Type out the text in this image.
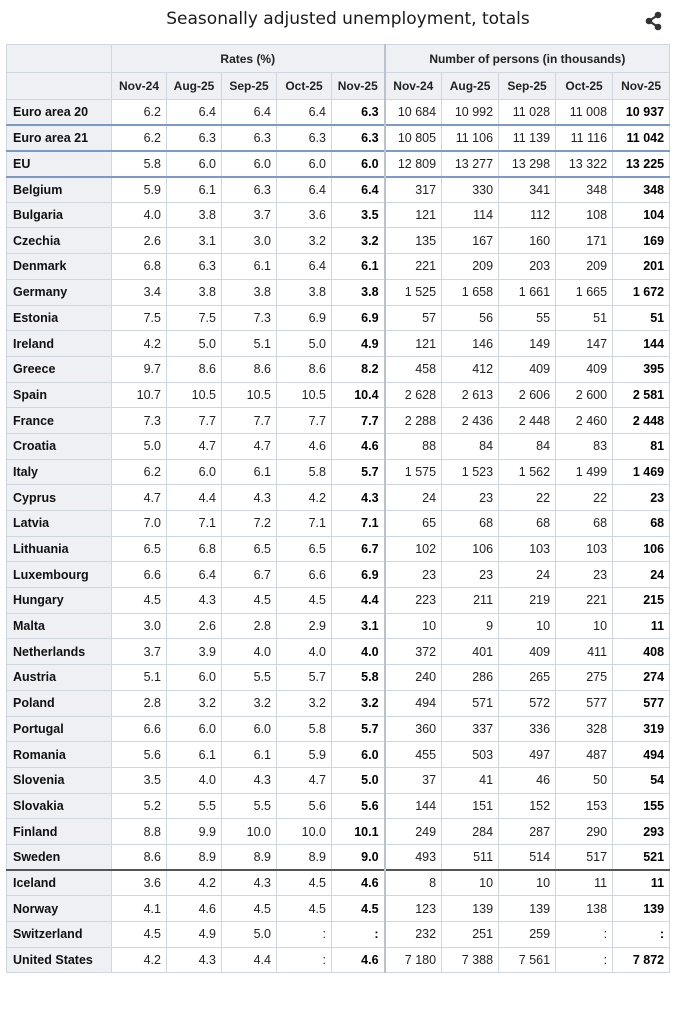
Seasonally adjusted unemployment, totals
	Rates (%)					Number of persons (in thousands)				
	Nov-24	Aug-25	Sep-25	Oct-25	Nov-25	Nov-24	Aug-25	Sep-25	Oct-25	Nov-25
Euro area 20	6.2	6.4	6.4	6.4	6.3	10 684	10 992	11 028	11 008	10 937
Euro area 21	6.2	6.3	6.3	6.3	6.3	10 805	11 106	11 139	11 116	11 042
EU	5.8	6.0	6.0	6.0	6.0	12 809	13 277	13 298	13 322	13 225
Belgium	5.9	6.1	6.3	6.4	6.4	317	330	341	348	348
Bulgaria	4.0	3.8	3.7	3.6	3.5	121	114	112	108	104
Czechia	2.6	3.1	3.0	3.2	3.2	135	167	160	171	169
Denmark	6.8	6.3	6.1	6.4	6.1	221	209	203	209	201
Germany	3.4	3.8	3.8	3.8	3.8	1 525	1 658	1 661	1 665	1 672
Estonia	7.5	7.5	7.3	6.9	6.9	57	56	55	51	51
Ireland	4.2	5.0	5.1	5.0	4.9	121	146	149	147	144
Greece	9.7	8.6	8.6	8.6	8.2	458	412	409	409	395
Spain	10.7	10.5	10.5	10.5	10.4	2 628	2 613	2 606	2 600	2 581
France	7.3	7.7	7.7	7.7	7.7	2 288	2 436	2 448	2 460	2 448
Croatia	5.0	4.7	4.7	4.6	4.6	88	84	84	83	81
Italy	6.2	6.0	6.1	5.8	5.7	1 575	1 523	1 562	1 499	1 469
Cyprus	4.7	4.4	4.3	4.2	4.3	24	23	22	22	23
Latvia	7.0	7.1	7.2	7.1	7.1	65	68	68	68	68
Lithuania	6.5	6.8	6.5	6.5	6.7	102	106	103	103	106
Luxembourg	6.6	6.4	6.7	6.6	6.9	23	23	24	23	24
Hungary	4.5	4.3	4.5	4.5	4.4	223	211	219	221	215
Malta	3.0	2.6	2.8	2.9	3.1	10	9	10	10	11
Netherlands	3.7	3.9	4.0	4.0	4.0	372	401	409	411	408
Austria	5.1	6.0	5.5	5.7	5.8	240	286	265	275	274
Poland	2.8	3.2	3.2	3.2	3.2	494	571	572	577	577
Portugal	6.6	6.0	6.0	5.8	5.7	360	337	336	328	319
Romania	5.6	6.1	6.1	5.9	6.0	455	503	497	487	494
Slovenia	3.5	4.0	4.3	4.7	5.0	37	41	46	50	54
Slovakia	5.2	5.5	5.5	5.6	5.6	144	151	152	153	155
Finland	8.8	9.9	10.0	10.0	10.1	249	284	287	290	293
Sweden	8.6	8.9	8.9	8.9	9.0	493	511	514	517	521
Iceland	3.6	4.2	4.3	4.5	4.6	8	10	10	11	11
Norway	4.1	4.6	4.5	4.5	4.5	123	139	139	138	139
Switzerland	4.5	4.9	5.0	:	:	232	251	259	:	:
United States	4.2	4.3	4.4	:	4.6	7 180	7 388	7 561	:	7 872
